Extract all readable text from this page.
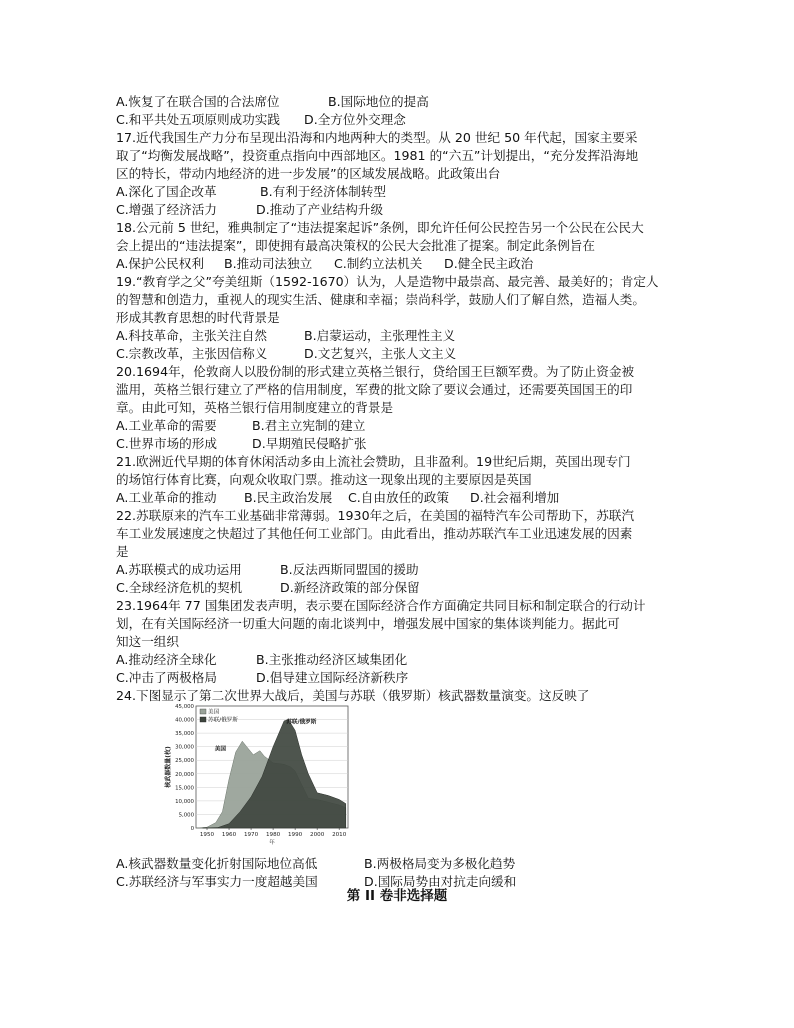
A.恢复了在联合国的合法席位	B.国际地位的提高
C.和平共处五项原则成功实践 D.全方位外交理念
17.近代我国生产力分布呈现出沿海和内地两种大的类型。从 20 世纪 50 年代起，国家主要采
取了“均衡发展战略”，投资重点指向中西部地区。1981 的“六五”计划提出，“充分发挥沿海地
区的特长，带动内地经济的进一步发展”的区域发展战略。此政策出台
A.深化了国企改革	B.有利于经济体制转型
C.增强了经济活力	D.推动了产业结构升级
18.公元前 5 世纪，雅典制定了“违法提案起诉”条例，即允许任何公民控告另一个公民在公民大
会上提出的“违法提案”，即使拥有最高决策权的公民大会批准了提案。制定此条例旨在
A.保护公民权利 B.推动司法独立 C.制约立法机关 D.健全民主政治
19.“教育学之父”夸美纽斯（1592-1670）认为，人是造物中最崇高、最完善、最美好的；肯定人
的智慧和创造力，重视人的现实生活、健康和幸福；崇尚科学，鼓励人们了解自然，造福人类。
形成其教育思想的时代背景是
A.科技革命，主张关注自然	B.启蒙运动，主张理性主义
C.宗教改革，主张因信称义	D.文艺复兴，主张人文主义
20.1694年，伦敦商人以股份制的形式建立英格兰银行，贷给国王巨额军费。为了防止资金被
滥用，英格兰银行建立了严格的信用制度，军费的批文除了要议会通过，还需要英国国王的印
章。由此可知，英格兰银行信用制度建立的背景是
A.工业革命的需要	B.君主立宪制的建立
C.世界市场的形成	D.早期殖民侵略扩张
21.欧洲近代早期的体育休闲活动多由上流社会赞助，且非盈利。19世纪后期，英国出现专门
的场馆行体育比赛，向观众收取门票。推动这一现象出现的主要原因是英国
A.工业革命的推动 B.民主政治发展 C.自由放任的政策 D.社会福利增加
22.苏联原来的汽车工业基础非常薄弱。1930年之后，在美国的福特汽车公司帮助下，苏联汽
车工业发展速度之快超过了其他任何工业部门。由此看出，推动苏联汽车工业迅速发展的因素
是
A.苏联模式的成功运用	B.反法西斯同盟国的援助
C.全球经济危机的契机	D.新经济政策的部分保留
23.1964年 77 国集团发表声明，表示要在国际经济合作方面确定共同目标和制定联合的行动计
划，在有关国际经济一切重大问题的南北谈判中，增强发展中国家的集体谈判能力。据此可
知这一组织
A.推动经济全球化	B.主张推动经济区域集团化
C.冲击了两极格局	D.倡导建立国际经济新秩序
24.下图显示了第二次世界大战后，美国与苏联（俄罗斯）核武器数量演变。这反映了
0
5,000
10,000
15,000
20,000
25,000
30,000
35,000
40,000
45,000
1950 1960 1970 1980 1990 2000 2010
年
核武器数量(枚)
美国
苏联/俄罗斯	苏联/俄罗斯
美国
A.核武器数量变化折射国际地位高低	B.两极格局变为多极化趋势
C.苏联经济与军事实力一度超越美国	D.国际局势由对抗走向缓和
第 II 卷非选择题
